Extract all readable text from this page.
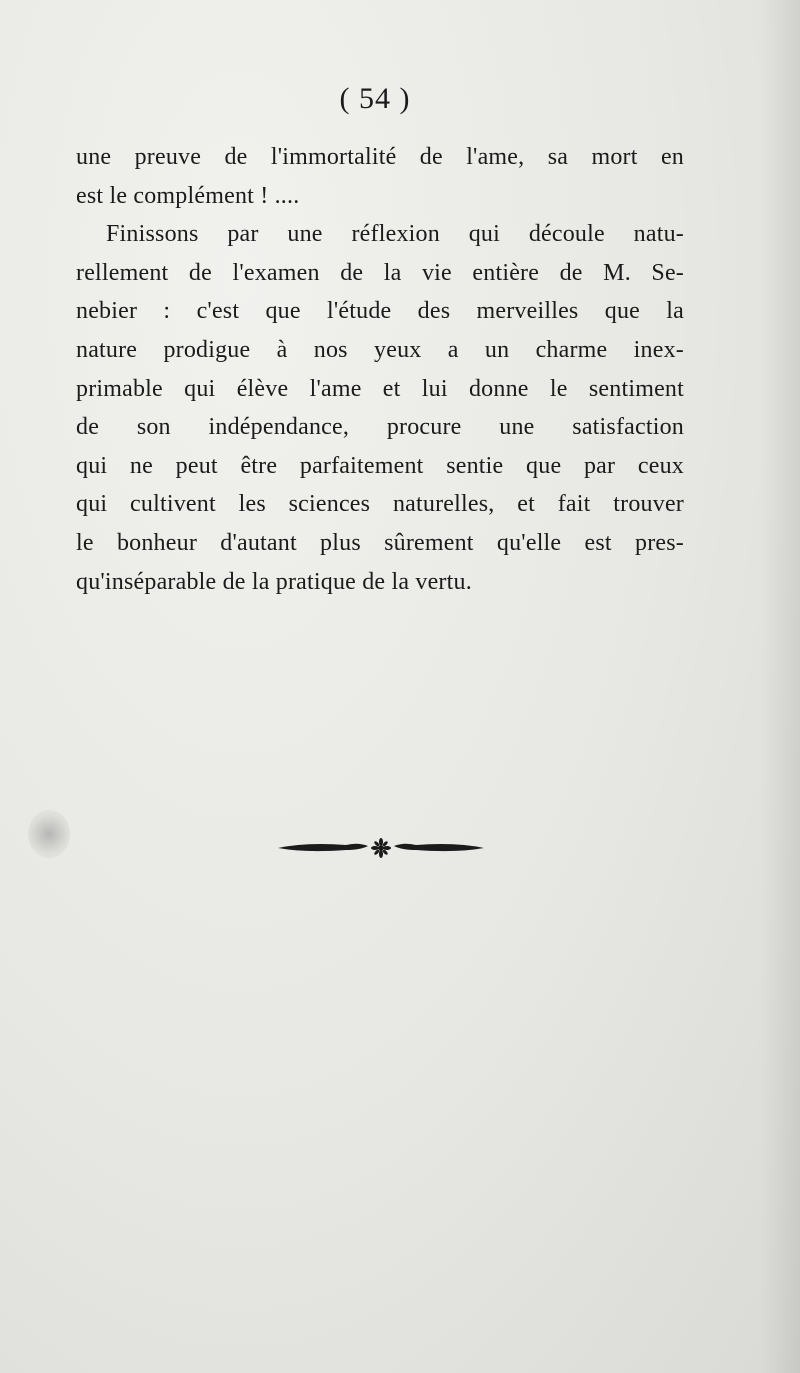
( 54 )
une preuve de l'immortalité de l'ame, sa mort en
est le complément ! ....
Finissons par une réflexion qui découle natu-
rellement de l'examen de la vie entière de M. Se-
nebier : c'est que l'étude des merveilles que la
nature prodigue à nos yeux a un charme inex-
primable qui élève l'ame et lui donne le sentiment
de son indépendance, procure une satisfaction
qui ne peut être parfaitement sentie que par ceux
qui cultivent les sciences naturelles, et fait trouver
le bonheur d'autant plus sûrement qu'elle est pres-
qu'inséparable de la pratique de la vertu.
